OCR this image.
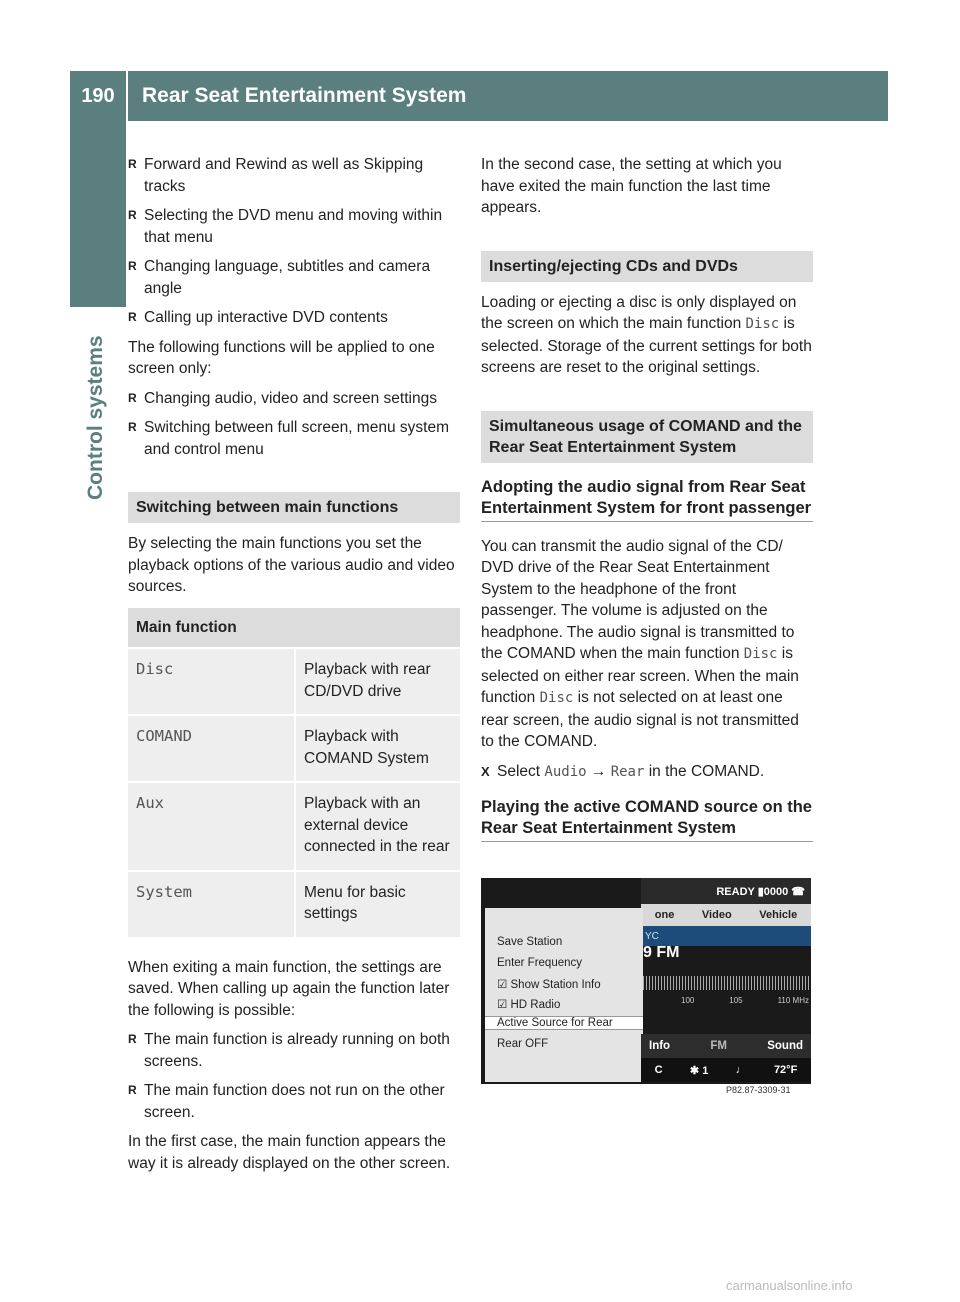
190	Rear Seat Entertainment System
Control systems
R Forward and Rewind as well as Skipping tracks
R Selecting the DVD menu and moving within that menu
R Changing language, subtitles and camera angle
R Calling up interactive DVD contents

The following functions will be applied to one screen only:

R Changing audio, video and screen settings
R Switching between full screen, menu system and control menu
Switching between main functions

By selecting the main functions you set the playback options of the various audio and video sources.

Main function	
Disc	Playback with rear CD/DVD drive
COMAND	Playback with COMAND System
Aux	Playback with an external device connected in the rear
System	Menu for basic settings

When exiting a main function, the settings are saved. When calling up again the function later the following is possible:

R The main function is already running on both screens.
R The main function does not run on the other screen.

In the first case, the main function appears the way it is already displayed on the other screen.

In the second case, the setting at which you have exited the main function the last time appears.

Inserting/ejecting CDs and DVDs

Loading or ejecting a disc is only displayed on the screen on which the main function Disc is selected. Storage of the current settings for both screens are reset to the original settings.

Simultaneous usage of COMAND and the Rear Seat Entertainment System
Adopting the audio signal from Rear Seat Entertainment System for front passenger

You can transmit the audio signal of the CD/ DVD drive of the Rear Seat Entertainment System to the headphone of the front passenger. The volume is adjusted on the headphone. The audio signal is transmitted to the COMAND when the main function Disc is selected on either rear screen. When the main function Disc is not selected on at least one rear screen, the audio signal is not transmitted to the COMAND.

X Select Audio → Rear in the COMAND.
Playing the active COMAND source on the Rear Seat Entertainment System
READY ▮0000 ☎
one	Video	Vehicle
YC
9 FM
100	105	110 MHz
Save Station
Enter Frequency
☑ Show Station Info
☑ HD Radio
Active Source for Rear
Rear OFF	Info	FM	Sound
C ✱ 1 ♩ 72°F
P82.87-3309-31
carmanualsonline.info
